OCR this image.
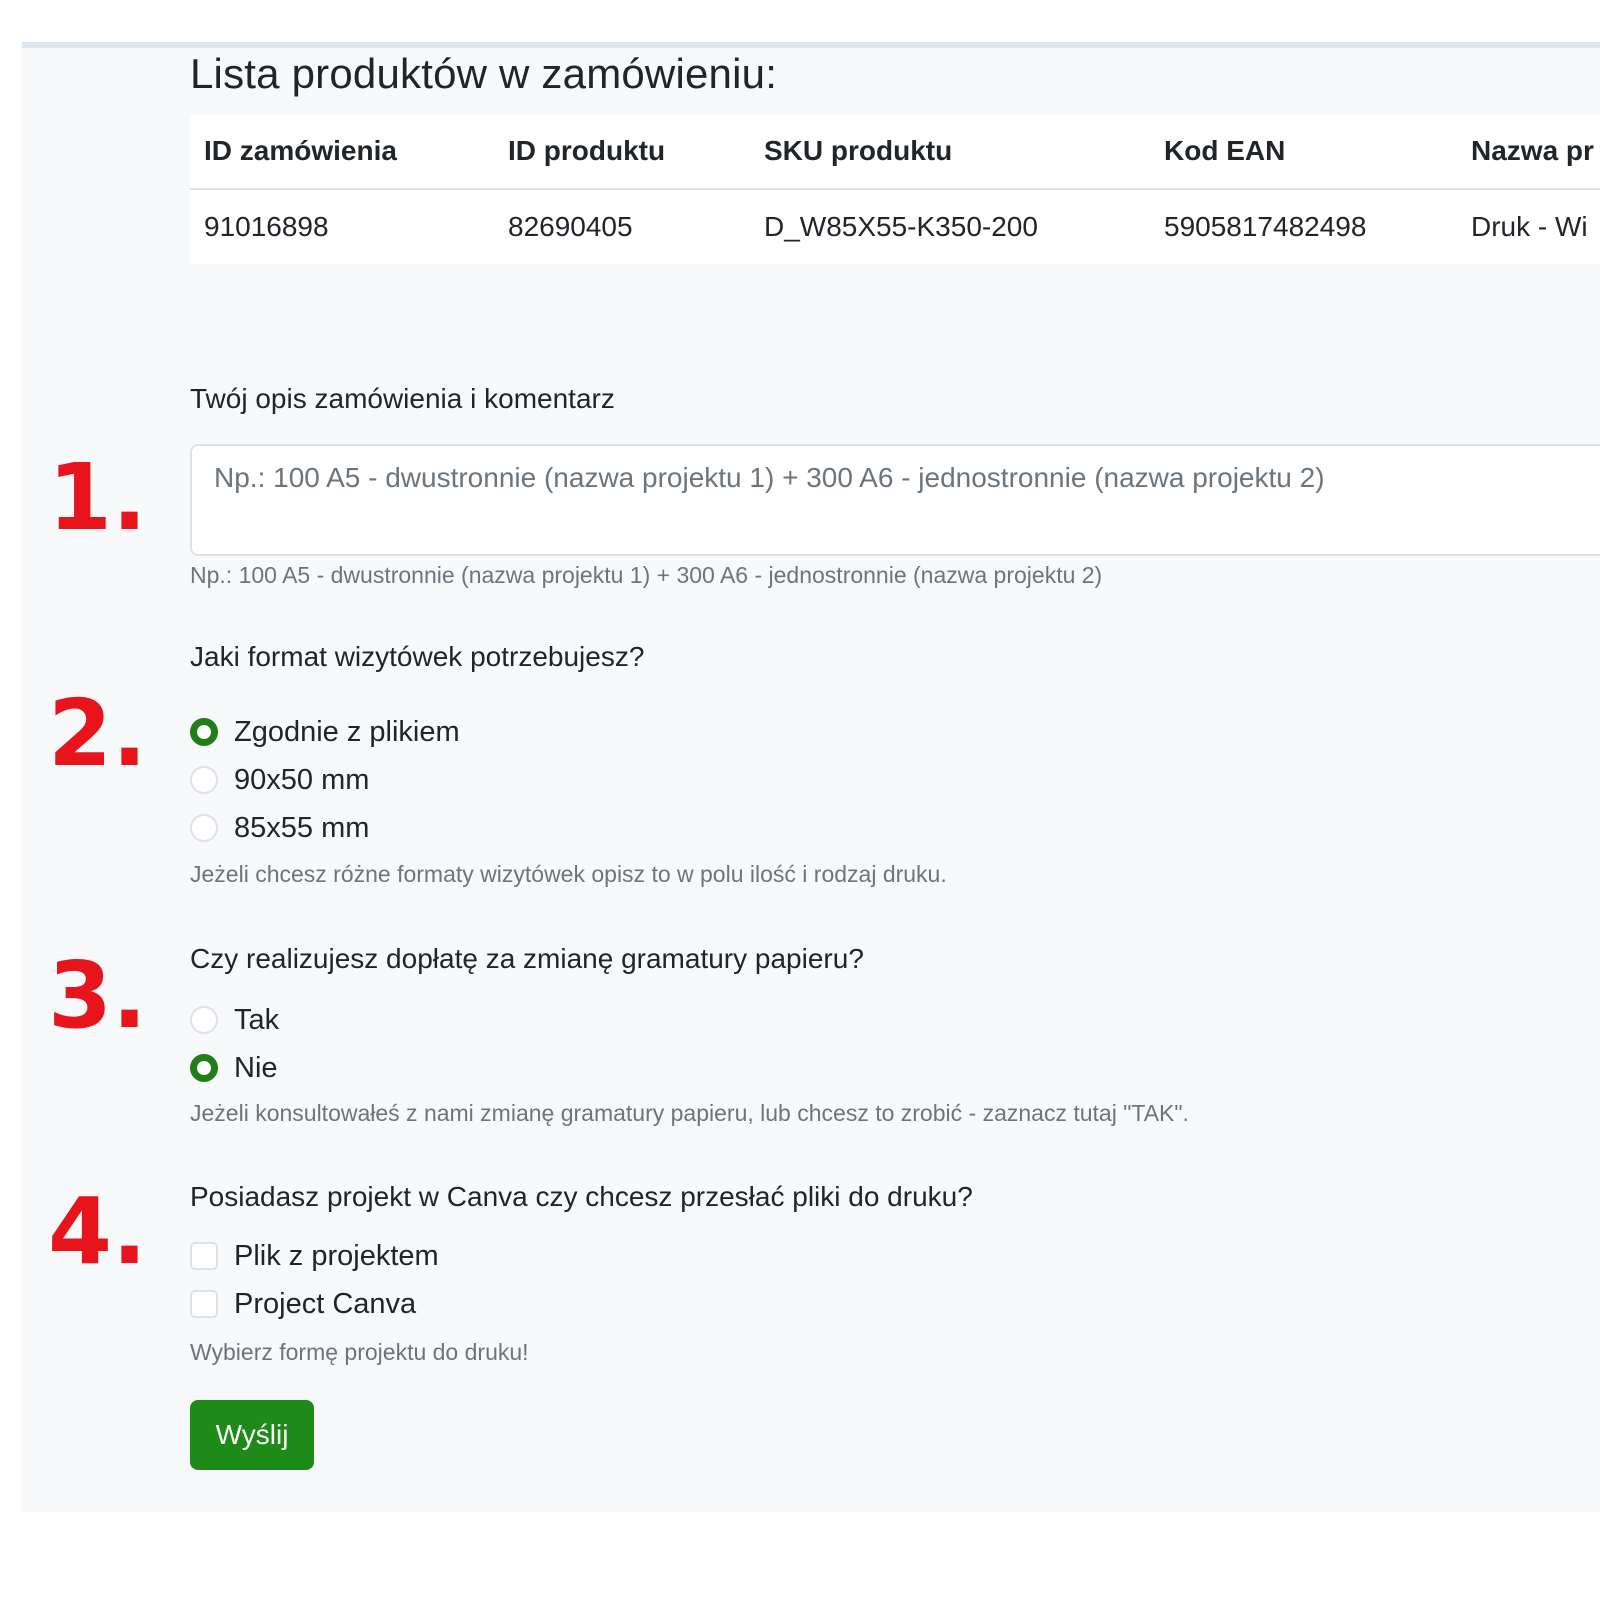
1.
2.
3.
4.
Lista produktów w zamówieniu:
ID zamówienia	ID produktu	SKU produktu	Kod EAN	Nazwa pr
91016898	82690405	D_W85X55-K350-200	5905817482498	Druk - Wi
Twój opis zamówienia i komentarz
Np.: 100 A5 - dwustronnie (nazwa projektu 1) + 300 A6 - jednostronnie (nazwa projektu 2)
Np.: 100 A5 - dwustronnie (nazwa projektu 1) + 300 A6 - jednostronnie (nazwa projektu 2)
Jaki format wizytówek potrzebujesz?
Zgodnie z plikiem
90x50 mm
85x55 mm
Jeżeli chcesz różne formaty wizytówek opisz to w polu ilość i rodzaj druku.
Czy realizujesz dopłatę za zmianę gramatury papieru?
Tak
Nie
Jeżeli konsultowałeś z nami zmianę gramatury papieru, lub chcesz to zrobić - zaznacz tutaj "TAK".
Posiadasz projekt w Canva czy chcesz przesłać pliki do druku?
Plik z projektem
Project Canva
Wybierz formę projektu do druku!
Wyślij
